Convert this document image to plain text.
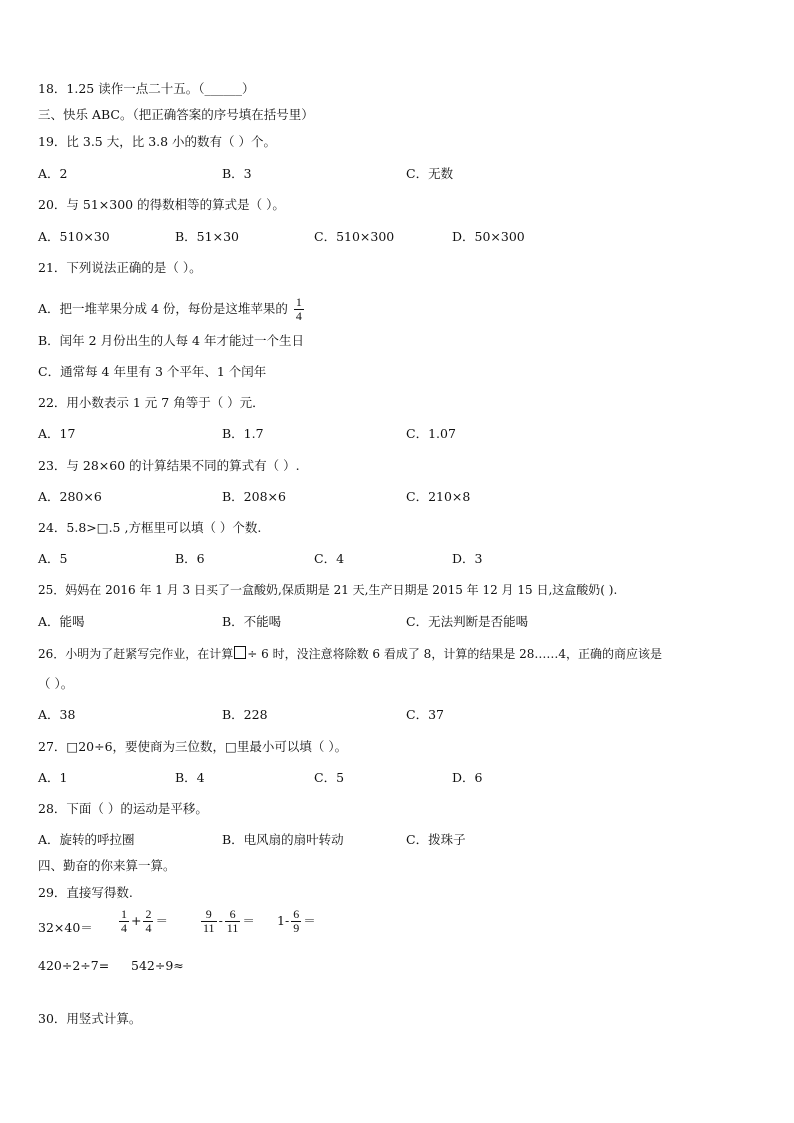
18．1.25 读作一点二十五。（______）
三、快乐 ABC。（把正确答案的序号填在括号里）
19．比 3.5 大，比 3.8 小的数有（ ）个。
A．2	B．3	C．无数
20．与 51×300 的得数相等的算式是（ ）。
A．510×30	B．51×30	C．510×300	D．50×300
21．下列说法正确的是（ ）。
A．把一堆苹果分成 4 份，每份是这堆苹果的 $\frac{1}{4}$
B．闰年 2 月份出生的人每 4 年才能过一个生日
C．通常每 4 年里有 3 个平年、1 个闰年
22．用小数表示 1 元 7 角等于（ ）元．
A．17	B．1.7	C．1.07
23．与 28×60 的计算结果不同的算式有（ ）.
A．280×6	B．208×6	C．210×8
24．5.8>□.5 ,方框里可以填（ ）个数.
A．5	B．6	C．4	D．3
25．妈妈在 2016 年 1 月 3 日买了一盒酸奶,保质期是 21 天,生产日期是 2015 年 12 月 15 日,这盒酸奶( ).
A．能喝	B．不能喝	C．无法判断是否能喝
26．小明为了赶紧写完作业，在计算 ÷ 6 时，没注意将除数 6 看成了 8，计算的结果是 28……4，正确的商应该是
（ ）。
A．38	B．228	C．37
27．□20÷6，要使商为三位数，□里最小可以填（ ）。
A．1	B．4	C．5	D．6
28．下面（ ）的运动是平移。
A．旋转的呼拉圈	B．电风扇的扇叶转动	C．拨珠子
四、勤奋的你来算一算。
29．直接写得数.
$32\times 40= \frac{1}{4} + \frac{2}{4}$ ＝	$\frac{9}{11} - \frac{6}{11} = 1- \frac{6}{9}$ ＝
420÷2÷7= 542÷9≈
30．用竖式计算。
